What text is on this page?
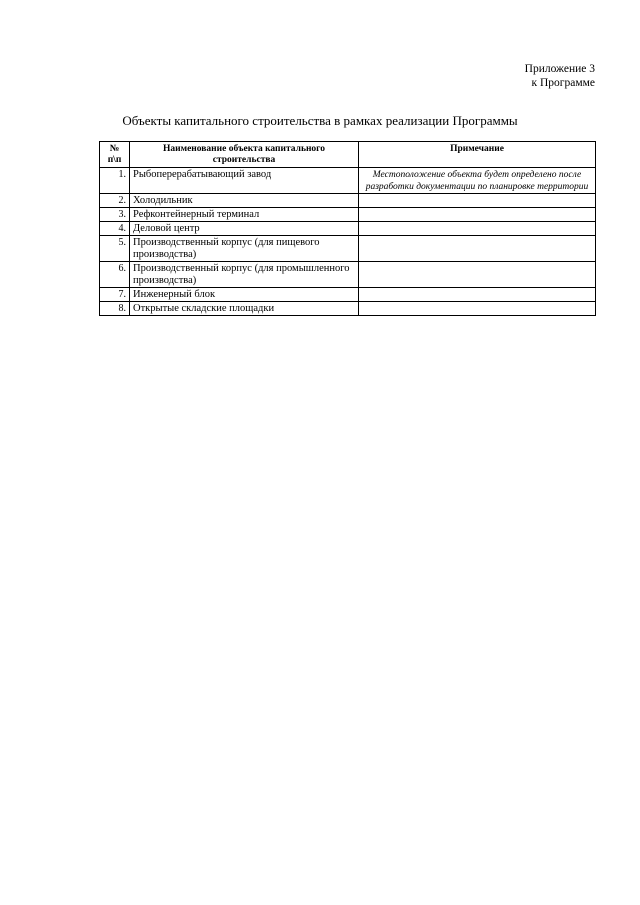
Приложение 3
к Программе
Объекты капитального строительства в рамках реализации Программы
№ п\п	Наименование объекта капитального строительства	Примечание
1.	Рыбоперерабатывающий завод	Местоположение объекта будет определено после разработки документации по планировке территории
2.	Холодильник	
3.	Рефконтейнерный терминал	
4.	Деловой центр	
5.	Производственный корпус (для пищевого производства)	
6.	Производственный корпус (для промышленного производства)	
7.	Инженерный блок	
8.	Открытые складские площадки	
